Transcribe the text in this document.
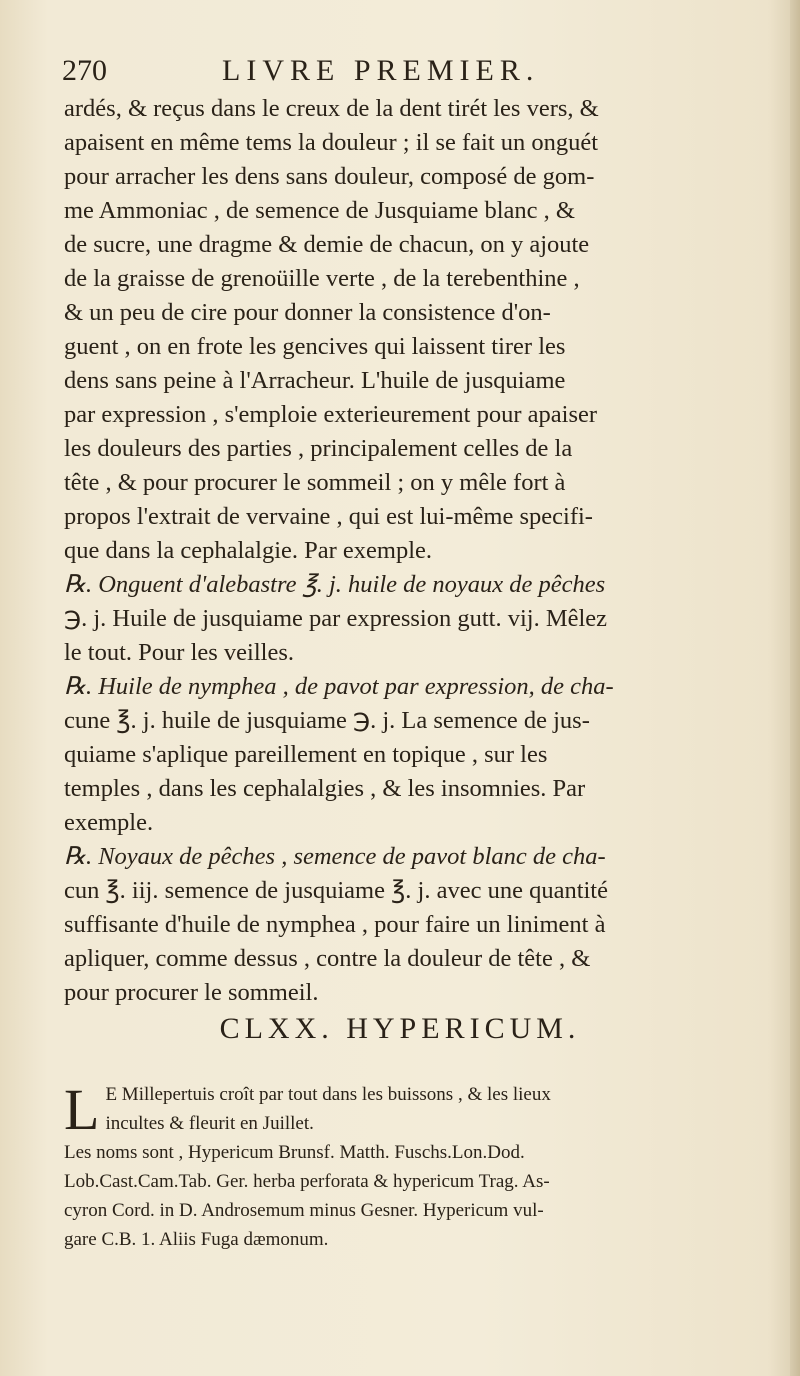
270	LIVRE PREMIER.
ardés, & reçus dans le creux de la dent tirét les vers, &
apaisent en même tems la douleur ; il se fait un onguét
pour arracher les dens sans douleur, composé de gom-
me Ammoniac , de semence de Jusquiame blanc , &
de sucre, une dragme & demie de chacun, on y ajoute
de la graisse de grenoüille verte , de la terebenthine ,
& un peu de cire pour donner la consistence d'on-
guent , on en frote les gencives qui laissent tirer les
dens sans peine à l'Arracheur. L'huile de jusquiame
par expression , s'emploie exterieurement pour apaiser
les douleurs des parties , principalement celles de la
tête , & pour procurer le sommeil ; on y mêle fort à
propos l'extrait de vervaine , qui est lui-même specifi-
que dans la cephalalgie. Par exemple.
℞. Onguent d'alebastre ℥. j. huile de noyaux de pêches
℈. j. Huile de jusquiame par expression gutt. vij. Mêlez
le tout. Pour les veilles.
℞. Huile de nymphea , de pavot par expression, de cha-
cune ℥. j. huile de jusquiame ℈. j. La semence de jus-
quiame s'aplique pareillement en topique , sur les
temples , dans les cephalalgies , & les insomnies. Par
exemple.
℞. Noyaux de pêches , semence de pavot blanc de cha-
cun ℥. iij. semence de jusquiame ℥. j. avec une quantité
suffisante d'huile de nymphea , pour faire un liniment à
apliquer, comme dessus , contre la douleur de tête , &
pour procurer le sommeil.
CLXX. HYPERICUM.
L E Millepertuis croît par tout dans les buissons , & les lieux
incultes & fleurit en Juillet.
Les noms sont , Hypericum Brunsf. Matth. Fuschs.Lon.Dod.
Lob.Cast.Cam.Tab. Ger. herba perforata & hypericum Trag. As-
cyron Cord. in D. Androsemum minus Gesner. Hypericum vul-
gare C.B. 1. Aliis Fuga dæmonum.
